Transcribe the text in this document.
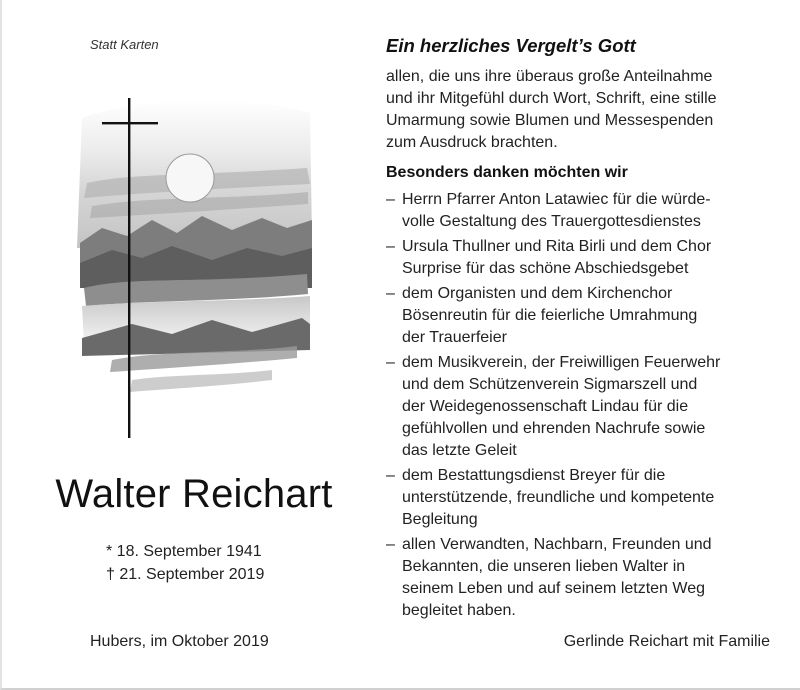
Statt Karten
Walter Reichart
* 18. September 1941
† 21. September 2019
Hubers, im Oktober 2019
Ein herzliches Vergelt’s Gott
allen, die uns ihre überaus große Anteilnahme
und ihr Mitgefühl durch Wort, Schrift, eine stille
Umarmung sowie Blumen und Messespenden
zum Ausdruck brachten.
Besonders danken möchten wir
– Herrn Pfarrer Anton Latawiec für die würde-
volle Gestaltung des Trauergottesdienstes
– Ursula Thullner und Rita Birli und dem Chor
Surprise für das schöne Abschiedsgebet
– dem Organisten und dem Kirchenchor
Bösenreutin für die feierliche Umrahmung
der Trauerfeier
– dem Musikverein, der Freiwilligen Feuerwehr
und dem Schützenverein Sigmarszell und
der Weidegenossenschaft Lindau für die
gefühlvollen und ehrenden Nachrufe sowie
das letzte Geleit
– dem Bestattungsdienst Breyer für die
unterstützende, freundliche und kompetente
Begleitung
– allen Verwandten, Nachbarn, Freunden und
Bekannten, die unseren lieben Walter in
seinem Leben und auf seinem letzten Weg
begleitet haben.
Gerlinde Reichart mit Familie
